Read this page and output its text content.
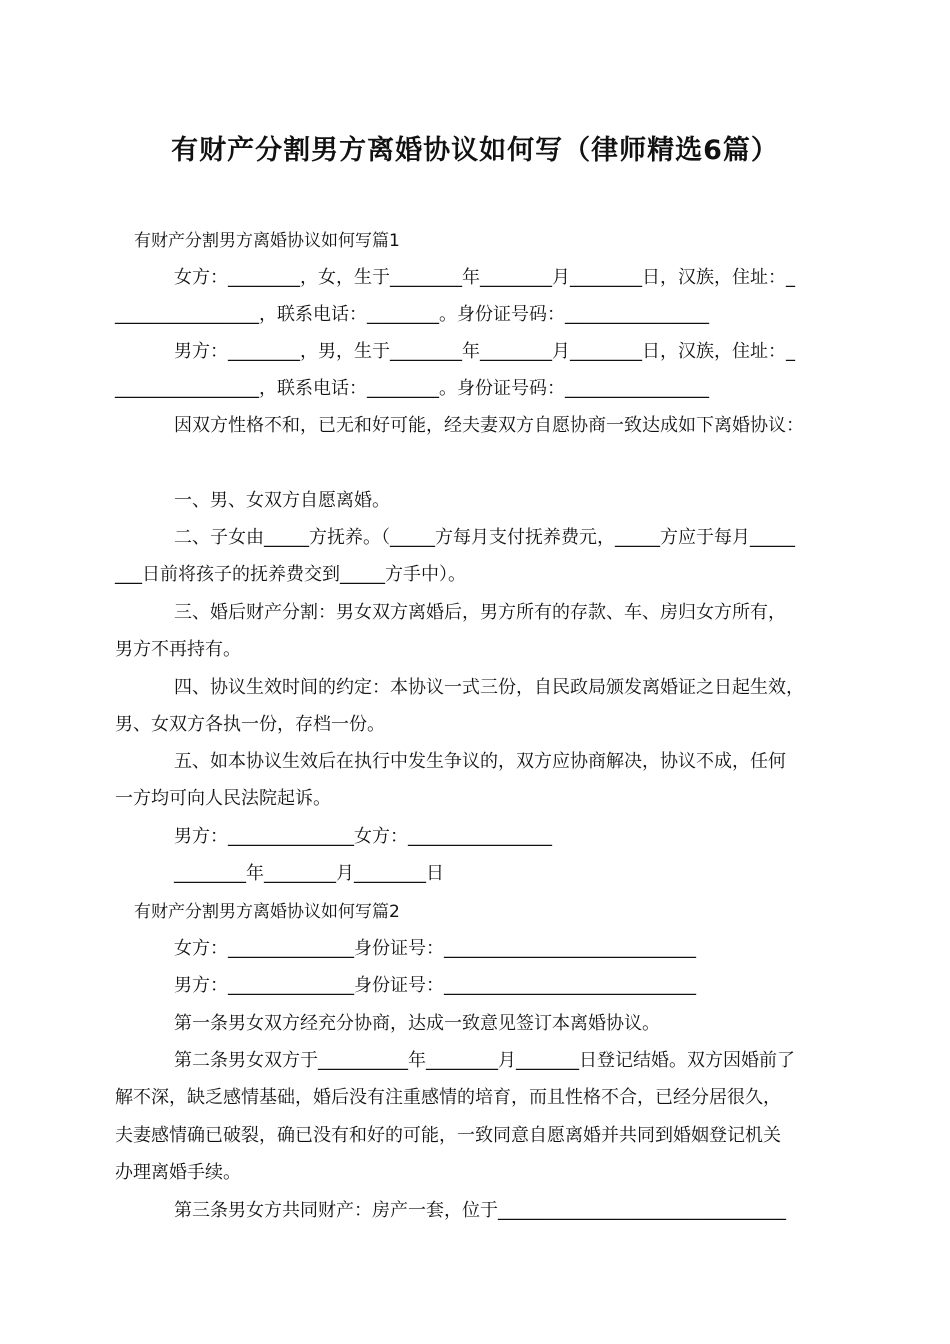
有财产分割男方离婚协议如何写（律师精选6篇）
有财产分割男方离婚协议如何写篇1
女方：________，女，生于________年________月________日，汉族，住址：_
________________，联系电话：________。身份证号码：________________
男方：________，男，生于________年________月________日，汉族，住址：_
________________，联系电话：________。身份证号码：________________
因双方性格不和，已无和好可能，经夫妻双方自愿协商一致达成如下离婚协议：
一、男、女双方自愿离婚。
二、子女由_____方抚养。（_____方每月支付抚养费元，_____方应于每月_____
___日前将孩子的抚养费交到_____方手中）。
三、婚后财产分割：男女双方离婚后，男方所有的存款、车、房归女方所有，
男方不再持有。
四、协议生效时间的约定：本协议一式三份，自民政局颁发离婚证之日起生效，
男、女双方各执一份，存档一份。
五、如本协议生效后在执行中发生争议的，双方应协商解决，协议不成，任何
一方均可向人民法院起诉。
男方：______________女方：________________
________年________月________日
有财产分割男方离婚协议如何写篇2
女方：______________身份证号：____________________________
男方：______________身份证号：____________________________
第一条男女双方经充分协商，达成一致意见签订本离婚协议。
第二条男女双方于__________年________月_______日登记结婚。双方因婚前了
解不深，缺乏感情基础，婚后没有注重感情的培育，而且性格不合，已经分居很久，
夫妻感情确已破裂，确已没有和好的可能，一致同意自愿离婚并共同到婚姻登记机关
办理离婚手续。
第三条男女方共同财产：房产一套，位于________________________________
